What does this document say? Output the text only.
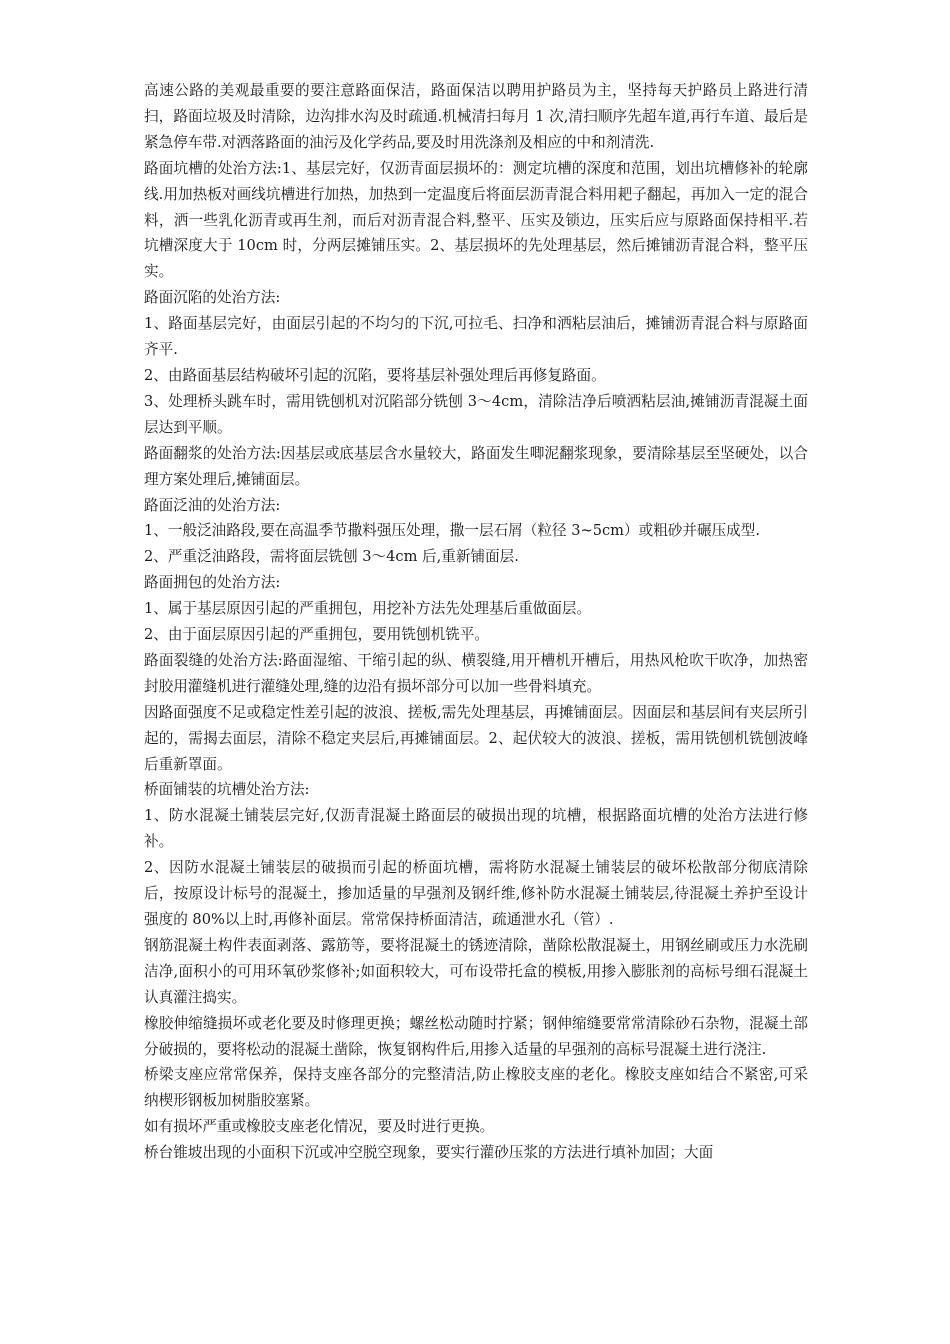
高速公路的美观最重要的要注意路面保洁，路面保洁以聘用护路员为主，坚持每天护路员上路进行清扫，路面垃圾及时清除，边沟排水沟及时疏通.机械清扫每月 1 次,清扫顺序先超车道,再行车道、最后是紧急停车带.对洒落路面的油污及化学药品,要及时用洗涤剂及相应的中和剂清洗.

路面坑槽的处治方法:1、基层完好，仅沥青面层损坏的：测定坑槽的深度和范围，划出坑槽修补的轮廓线.用加热板对画线坑槽进行加热，加热到一定温度后将面层沥青混合料用耙子翻起，再加入一定的混合料，洒一些乳化沥青或再生剂，而后对沥青混合料,整平、压实及锁边，压实后应与原路面保持相平.若坑槽深度大于 10cm 时，分两层摊铺压实。2、基层损坏的先处理基层，然后摊铺沥青混合料，整平压实。

路面沉陷的处治方法:

1、路面基层完好，由面层引起的不均匀的下沉,可拉毛、扫净和洒粘层油后，摊铺沥青混合料与原路面齐平.

2、由路面基层结构破坏引起的沉陷，要将基层补强处理后再修复路面。

3、处理桥头跳车时，需用铣刨机对沉陷部分铣刨 3～4cm，清除洁净后喷洒粘层油,摊铺沥青混凝土面层达到平顺。

路面翻浆的处治方法:因基层或底基层含水量较大，路面发生唧泥翻浆现象，要清除基层至坚硬处，以合理方案处理后,摊铺面层。

路面泛油的处治方法:

1、一般泛油路段,要在高温季节撒料强压处理，撒一层石屑（粒径 3~5cm）或粗砂并碾压成型.

2、严重泛油路段，需将面层铣刨 3～4cm 后,重新铺面层.

路面拥包的处治方法:

1、属于基层原因引起的严重拥包，用挖补方法先处理基后重做面层。

2、由于面层原因引起的严重拥包，要用铣刨机铣平。

路面裂缝的处治方法:路面湿缩、干缩引起的纵、横裂缝,用开槽机开槽后，用热风枪吹干吹净，加热密封胶用灌缝机进行灌缝处理,缝的边沿有损坏部分可以加一些骨料填充。

因路面强度不足或稳定性差引起的波浪、搓板,需先处理基层，再摊铺面层。因面层和基层间有夹层所引起的，需揭去面层，清除不稳定夹层后,再摊铺面层。2、起伏较大的波浪、搓板，需用铣刨机铣刨波峰后重新罩面。

桥面铺装的坑槽处治方法:

1、防水混凝土铺装层完好,仅沥青混凝土路面层的破损出现的坑槽，根据路面坑槽的处治方法进行修补。

2、因防水混凝土铺装层的破损而引起的桥面坑槽，需将防水混凝土铺装层的破坏松散部分彻底清除后，按原设计标号的混凝土，掺加适量的早强剂及钢纤维,修补防水混凝土铺装层,待混凝土养护至设计强度的 80%以上时,再修补面层。常常保持桥面清洁，疏通泄水孔（管）.

钢筋混凝土构件表面剥落、露筋等，要将混凝土的锈迹清除，凿除松散混凝土，用钢丝刷或压力水洗刷洁净,面积小的可用环氧砂浆修补;如面积较大，可布设带托盒的模板,用掺入膨胀剂的高标号细石混凝土认真灌注捣实。

橡胶伸缩缝损坏或老化要及时修理更换；螺丝松动随时拧紧；钢伸缩缝要常常清除砂石杂物，混凝土部分破损的，要将松动的混凝土凿除，恢复钢构件后,用掺入适量的早强剂的高标号混凝土进行浇注.

桥梁支座应常常保养，保持支座各部分的完整清洁,防止橡胶支座的老化。橡胶支座如结合不紧密,可采纳楔形钢板加树脂胶塞紧。

如有损坏严重或橡胶支座老化情况，要及时进行更换。

桥台锥坡出现的小面积下沉或冲空脱空现象，要实行灌砂压浆的方法进行填补加固；大面
